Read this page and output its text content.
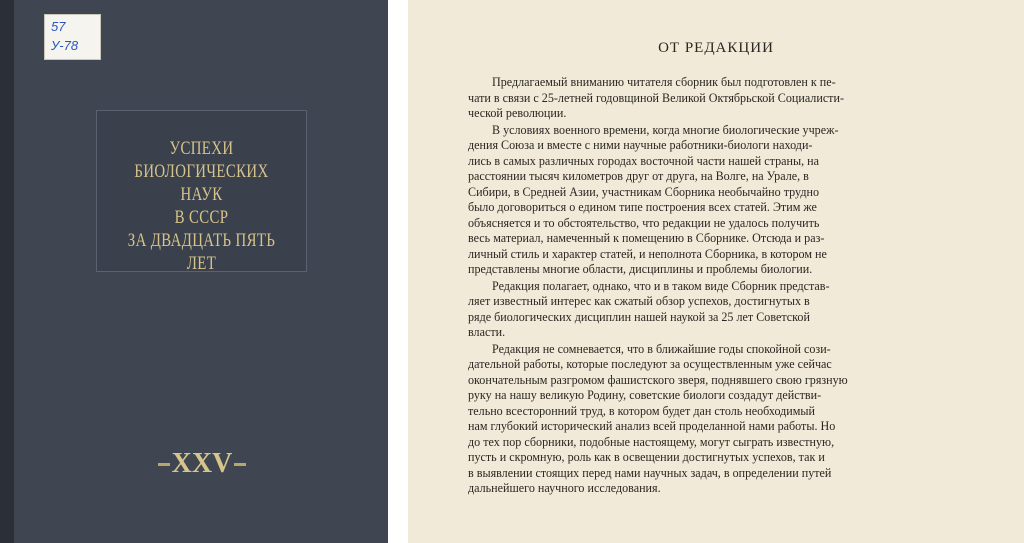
57
У-78
УСПЕХИ
БИОЛОГИЧЕСКИХ НАУК
В СССР
ЗА ДВАДЦАТЬ ПЯТЬ ЛЕТ
XXV
ОТ РЕДАКЦИИ

Предлагаемый вниманию читателя сборник был подготовлен к пе-
чати в связи с 25-летней годовщиной Великой Октябрьской Социалисти-
ческой революции.

В условиях военного времени, когда многие биологические учреж-
дения Союза и вместе с ними научные работники-биологи находи-
лись в самых различных городах восточной части нашей страны, на
расстоянии тысяч километров друг от друга, на Волге, на Урале, в
Сибири, в Средней Азии, участникам Сборника необычайно трудно
было договориться о едином типе построения всех статей. Этим же
объясняется и то обстоятельство, что редакции не удалось получить
весь материал, намеченный к помещению в Сборнике. Отсюда и раз-
личный стиль и характер статей, и неполнота Сборника, в котором не
представлены многие области, дисциплины и проблемы биологии.

Редакция полагает, однако, что и в таком виде Сборник представ-
ляет известный интерес как сжатый обзор успехов, достигнутых в
ряде биологических дисциплин нашей наукой за 25 лет Советской
власти.

Редакция не сомневается, что в ближайшие годы спокойной сози-
дательной работы, которые последуют за осуществленным уже сейчас
окончательным разгромом фашистского зверя, поднявшего свою грязную
руку на нашу великую Родину, советские биологи создадут действи-
тельно всесторонний труд, в котором будет дан столь необходимый
нам глубокий исторический анализ всей проделанной нами работы. Но
до тех пор сборники, подобные настоящему, могут сыграть известную,
пусть и скромную, роль как в освещении достигнутых успехов, так и
в выявлении стоящих перед нами научных задач, в определении путей
дальнейшего научного исследования.
